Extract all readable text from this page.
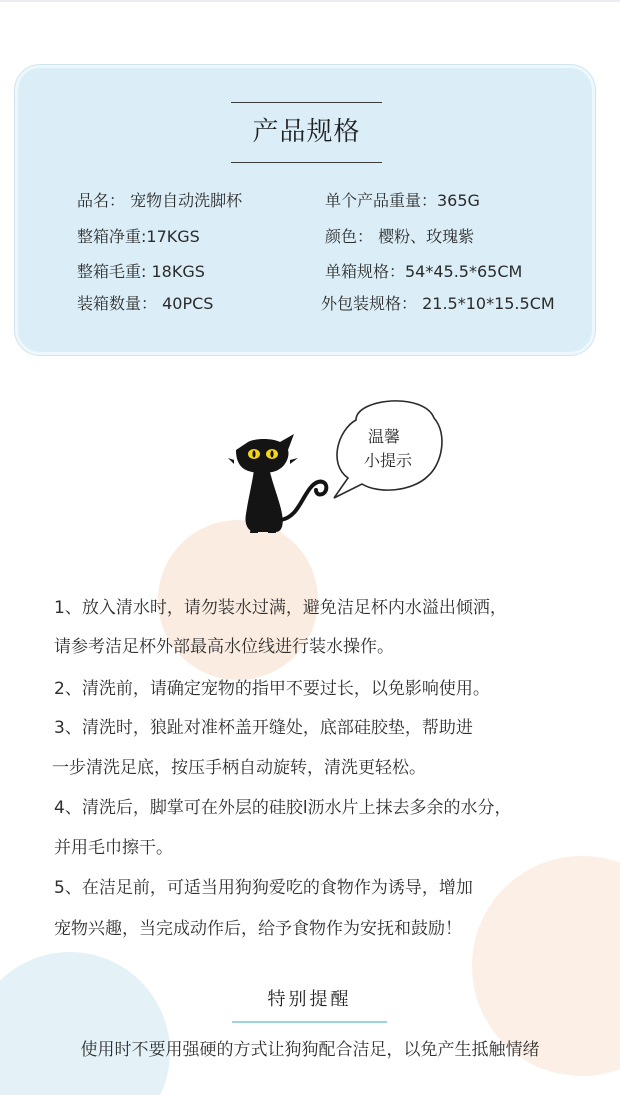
产品规格
品名： 宠物自动洗脚杯	单个产品重量：365G
整箱净重:17KGS	颜色： 樱粉、玫瑰紫
整箱毛重: 18KGS	单箱规格：54*45.5*65CM
装箱数量： 40PCS	外包装规格： 21.5*10*15.5CM
温馨
小提示
1、放入清水时，请勿装水过满，避免洁足杯内水溢出倾洒，
请参考洁足杯外部最高水位线进行装水操作。
2、清洗前，请确定宠物的指甲不要过长，以免影响使用。
3、清洗时，狼趾对准杯盖开缝处，底部硅胶垫，帮助进
一步清洗足底，按压手柄自动旋转，清洗更轻松。
4、清洗后，脚掌可在外层的硅胶l沥水片上抹去多余的水分，
并用毛巾擦干。
5、在洁足前，可适当用狗狗爱吃的食物作为诱导，增加
宠物兴趣，当完成动作后，给予食物作为安抚和鼓励！
特别提醒
使用时不要用强硬的方式让狗狗配合洁足，以免产生抵触情绪
